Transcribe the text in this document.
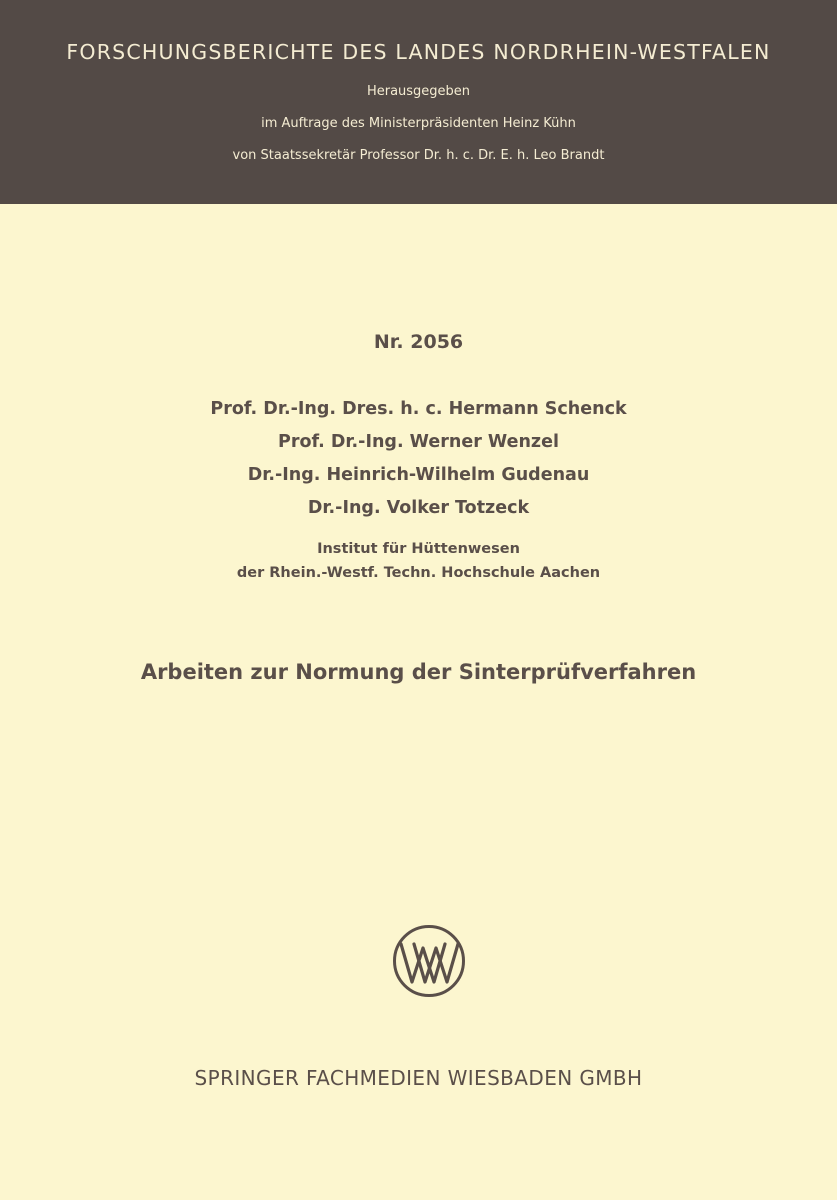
FORSCHUNGSBERICHTE DES LANDES NORDRHEIN-WESTFALEN
Herausgegeben
im Auftrage des Ministerpräsidenten Heinz Kühn
von Staatssekretär Professor Dr. h. c. Dr. E. h. Leo Brandt
Nr. 2056
Prof. Dr.-Ing. Dres. h. c. Hermann Schenck
Prof. Dr.-Ing. Werner Wenzel
Dr.-Ing. Heinrich-Wilhelm Gudenau
Dr.-Ing. Volker Totzeck
Institut für Hüttenwesen
der Rhein.-Westf. Techn. Hochschule Aachen
Arbeiten zur Normung der Sinterprüfverfahren
SPRINGER FACHMEDIEN WIESBADEN GMBH
